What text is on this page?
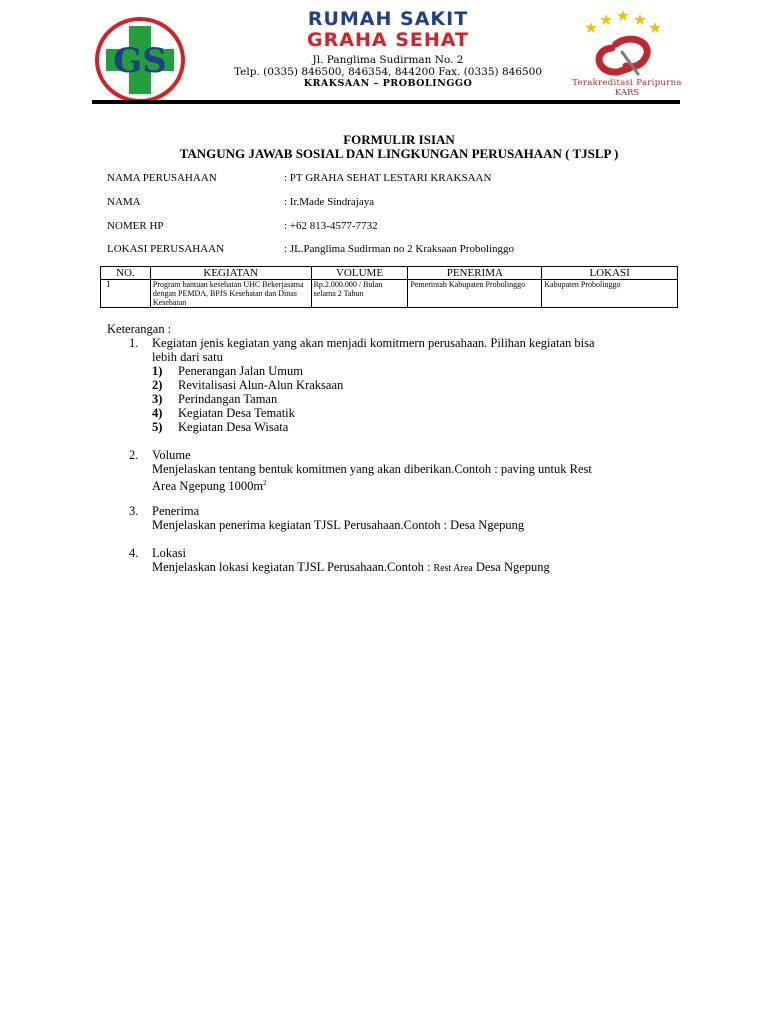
GS
RUMAH SAKIT
GRAHA SEHAT
Jl. Panglima Sudirman No. 2
Telp. (0335) 846500, 846354, 844200 Fax. (0335) 846500
KRAKSAAN – PROBOLINGGO	Terakreditasi Paripurna
KARS
FORMULIR ISIAN
TANGUNG JAWAB SOSIAL DAN LINGKUNGAN PERUSAHAAN ( TJSLP )
NAMA PERUSAHAAN	: PT GRAHA SEHAT LESTARI KRAKSAAN
NAMA	: Ir.Made Sindrajaya
NOMER HP	: +62 813-4577-7732
LOKASI PERUSAHAAN	: JL.Panglima Sudirman no 2 Kraksaan Probolinggo
NO.	KEGIATAN	VOLUME	PENERIMA	LOKASI
1	Program bantuan kesehatan UHC Bekerjasama dengan PEMDA, BPJS Kesehatan dan Dinas Kesehatan	Rp.2.000.000 / Bulan selama 2 Tahun	Pemerintah Kabupaten Probolinggo	Kabupaten Probolinggo
Keterangan :
1. Kegiatan jenis kegiatan yang akan menjadi komitmern perusahaan. Pilihan kegiatan bisa
lebih dari satu
1) Penerangan Jalan Umum
2) Revitalisasi Alun-Alun Kraksaan
3) Perindangan Taman
4) Kegiatan Desa Tematik
5) Kegiatan Desa Wisata
2. Volume
Menjelaskan tentang bentuk komitmen yang akan diberikan.Contoh : paving untuk Rest
Area Ngepung $1000m^2$
3. Penerima
Menjelaskan penerima kegiatan TJSL Perusahaan.Contoh : Desa Ngepung
4. Lokasi
Menjelaskan lokasi kegiatan TJSL Perusahaan.Contoh : Rest Area Desa Ngepung
